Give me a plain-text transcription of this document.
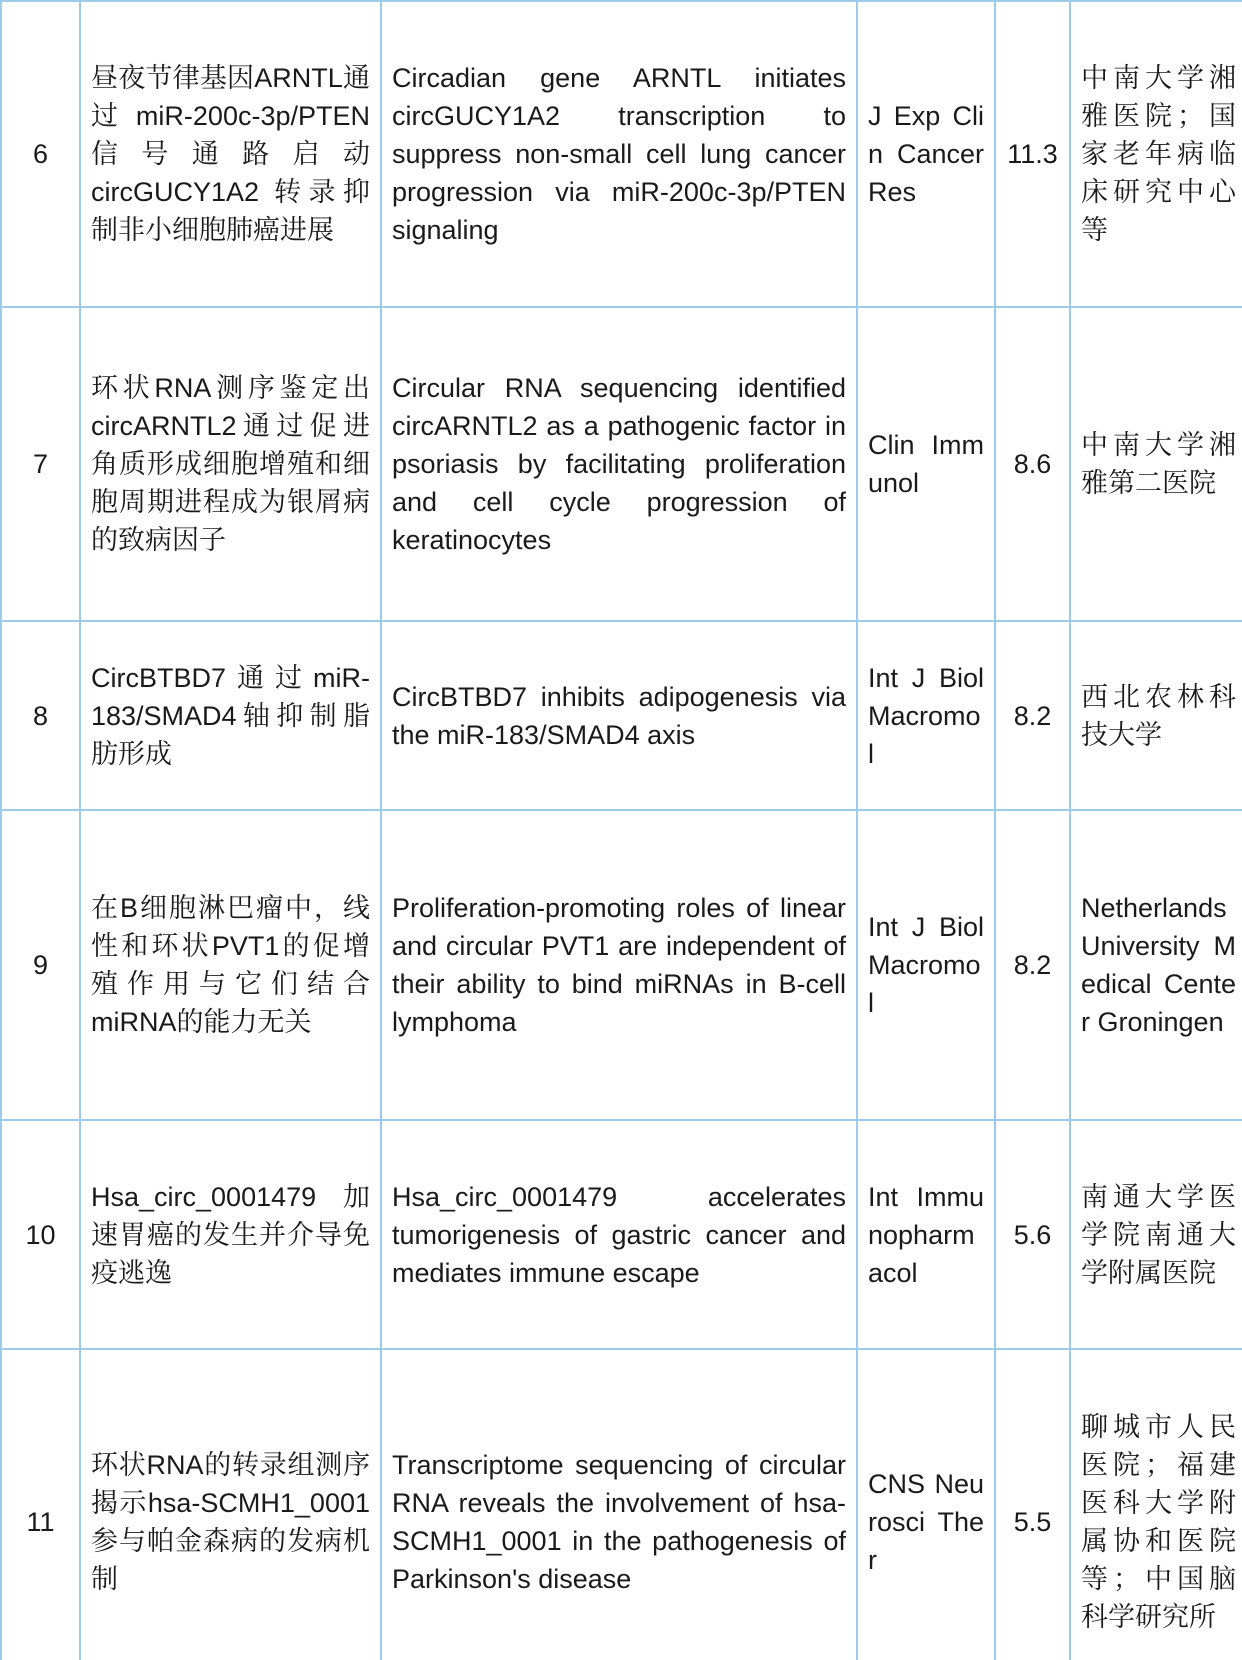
6	昼夜节律基因ARNTL通过miR-200c-3p/PTEN信号通路启动circGUCY1A2 转录抑制非小细胞肺癌进展	Circadian gene ARNTL initiates circGUCY1A2 transcription to suppress non-small cell lung cancer progression via miR-200c-3p/PTEN signaling	J Exp Clin Cancer Res	11.3	中南大学湘雅医院；国家老年病临床研究中心等
7	环状RNA测序鉴定出circARNTL2通过促进角质形成细胞增殖和细胞周期进程成为银屑病的致病因子	Circular RNA sequencing identified circARNTL2 as a pathogenic factor in psoriasis by facilitating proliferation and cell cycle progression of keratinocytes	Clin Immunol	8.6	中南大学湘雅第二医院
8	CircBTBD7通过miR-183/SMAD4轴抑制脂肪形成	CircBTBD7 inhibits adipogenesis via the miR-183/SMAD4 axis	Int J Biol Macromol	8.2	西北农林科技大学
9	在B细胞淋巴瘤中，线性和环状PVT1的促增殖作用与它们结合miRNA的能力无关	Proliferation-promoting roles of linear and circular PVT1 are independent of their ability to bind miRNAs in B-cell lymphoma	Int J Biol Macromol	8.2	Netherlands University Medical Center Groningen
10	Hsa_circ_0001479加速胃癌的发生并介导免疫逃逸	Hsa_circ_0001479 accelerates tumorigenesis of gastric cancer and mediates immune escape	Int Immunopharmacol	5.6	南通大学医学院南通大学附属医院
11	环状RNA的转录组测序揭示hsa-SCMH1_0001参与帕金森病的发病机制	Transcriptome sequencing of circular RNA reveals the involvement of hsa-SCMH1_0001 in the pathogenesis of Parkinson's disease	CNS Neurosci Ther	5.5	聊城市人民医院；福建医科大学附属协和医院等；中国脑科学研究所
